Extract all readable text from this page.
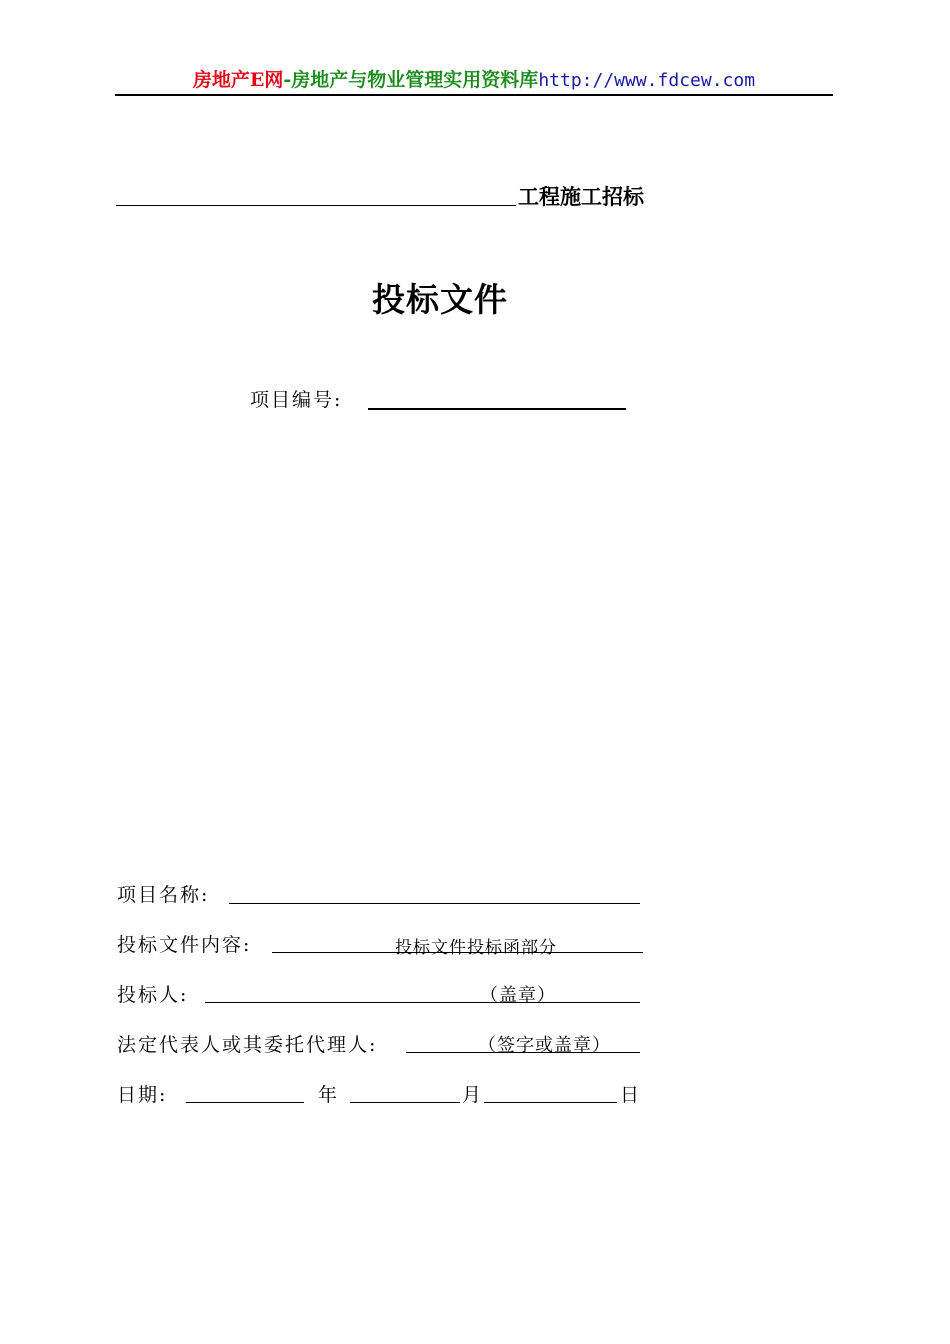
房地产E网-房地产与物业管理实用资料库http://www.fdcew.com
工程施工招标
投标文件
项目编号:
项目名称:
投标文件内容:	投标文件投标函部分
投标人:	（盖章）
法定代表人或其委托代理人:	（签字或盖章）
日期:	年	月	日
